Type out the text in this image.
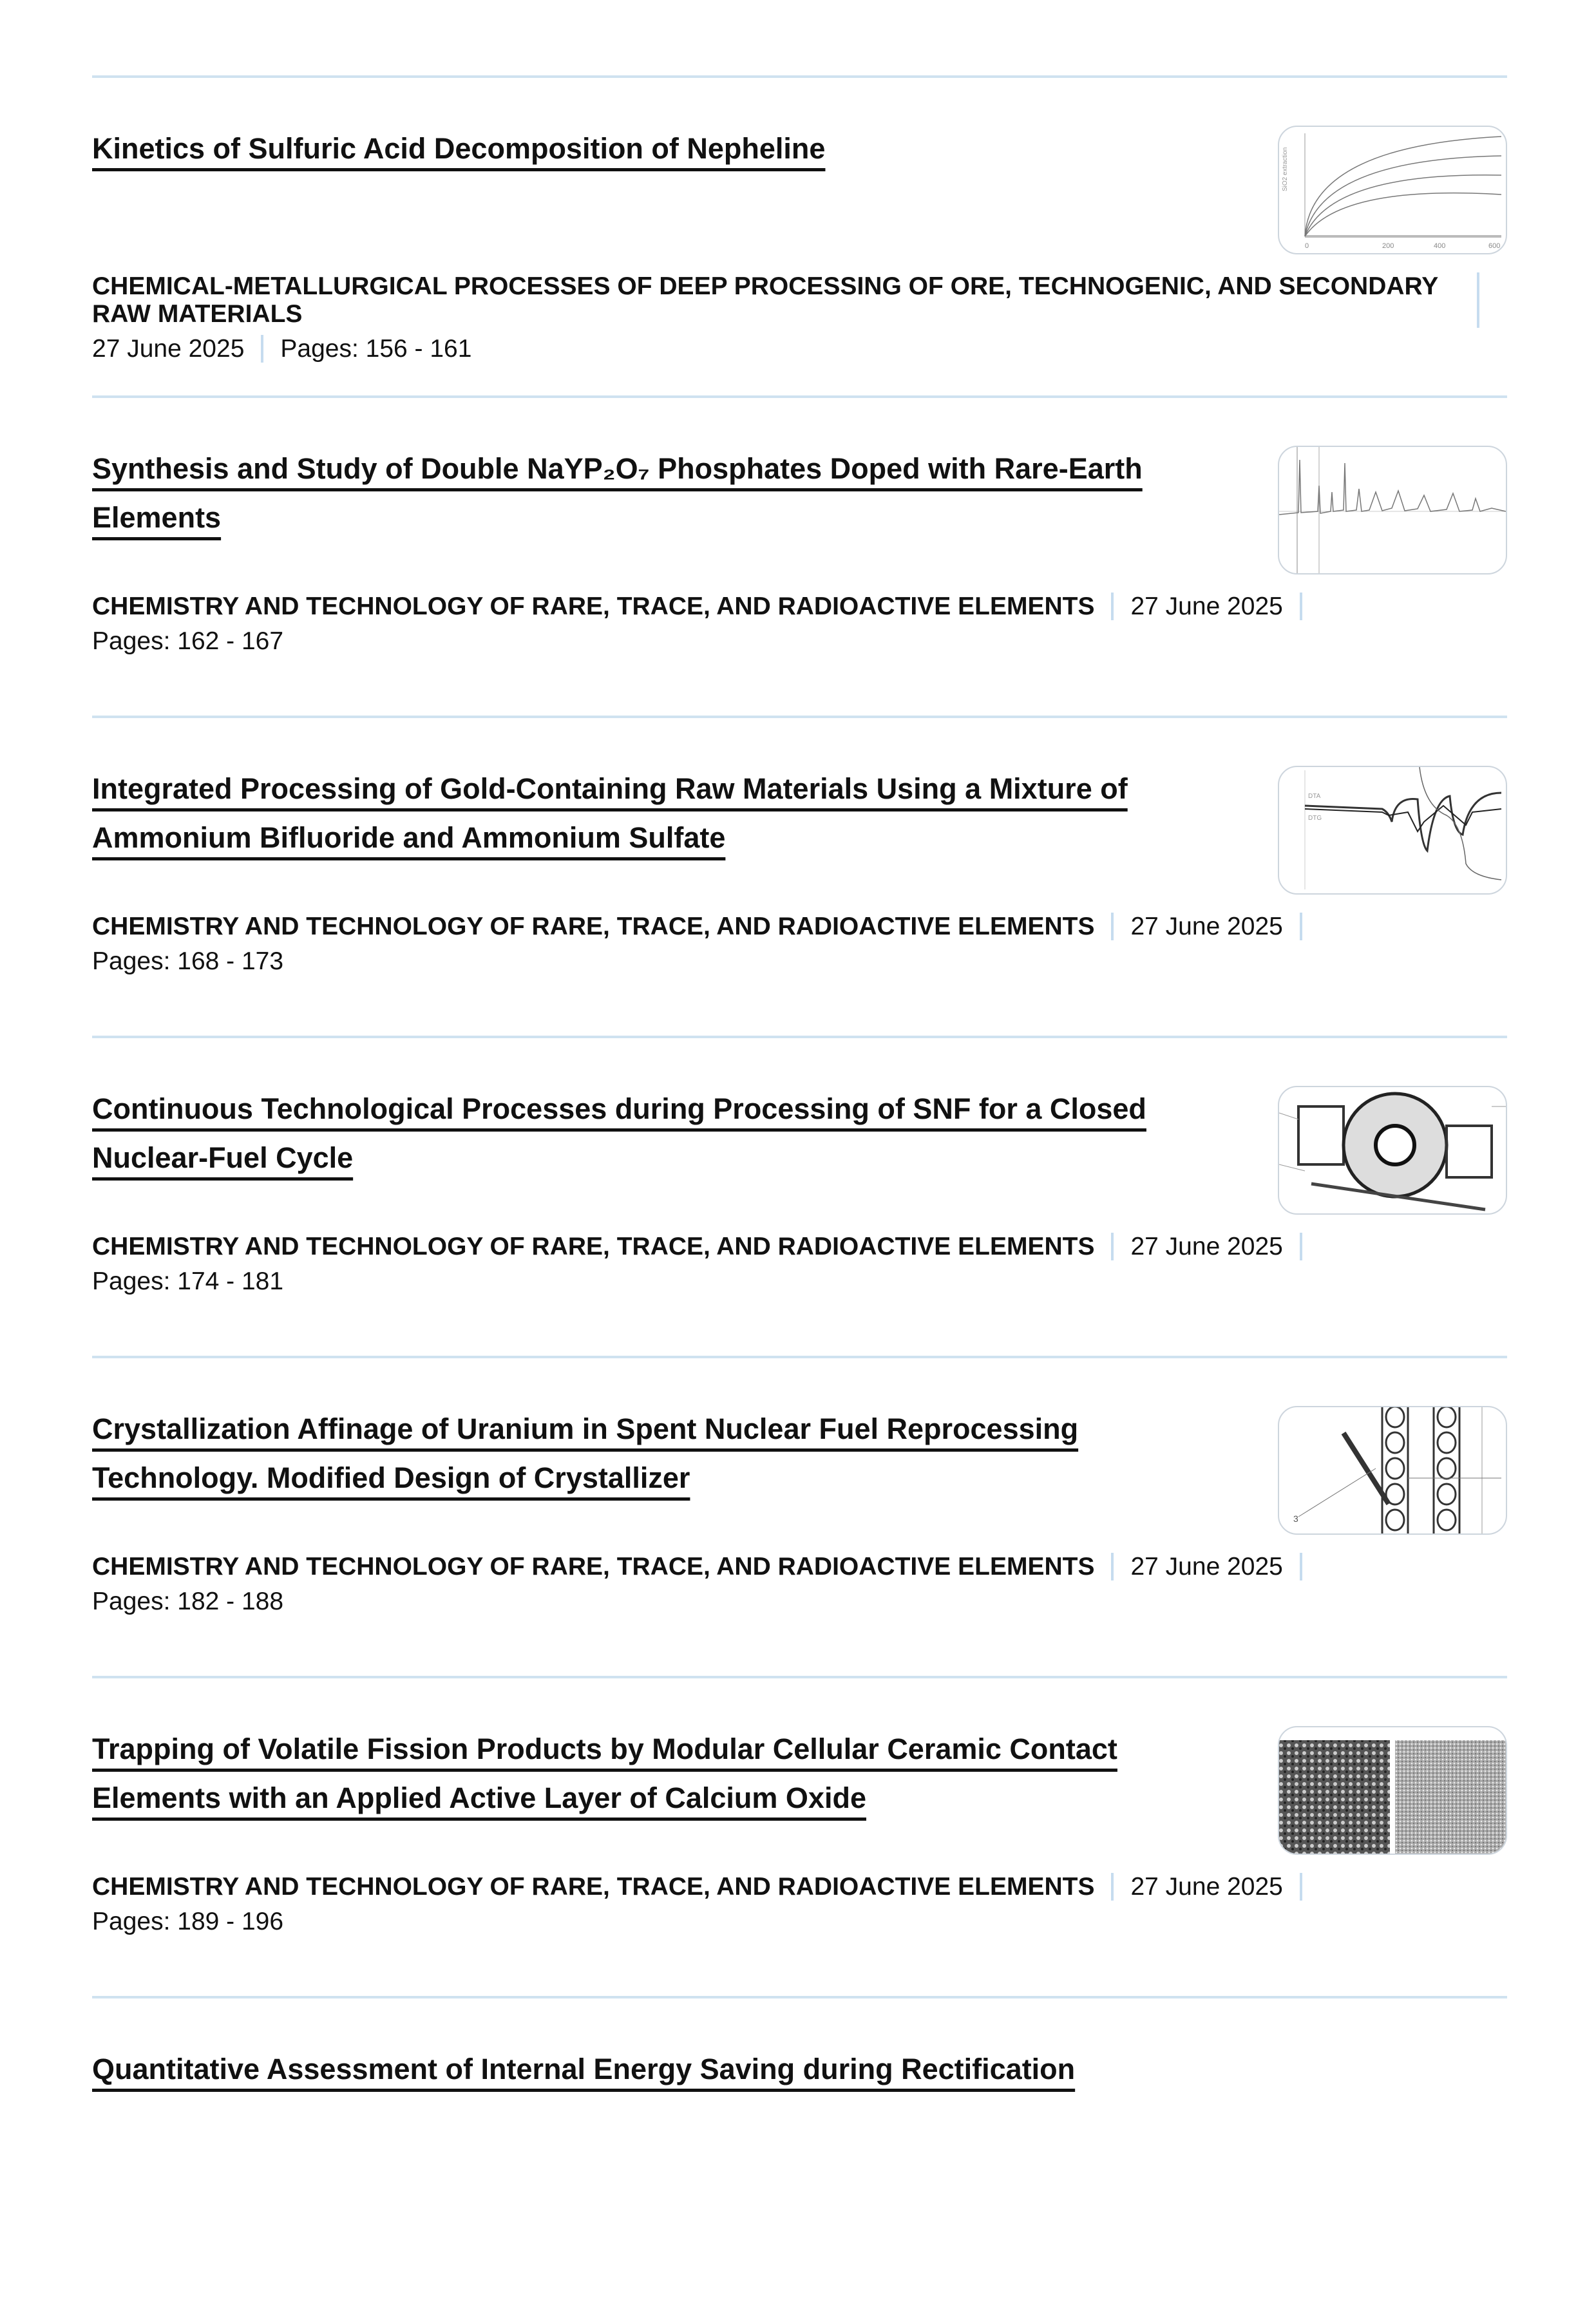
Kinetics of Sulfuric Acid Decomposition of Nepheline	SiO2 extraction
0	200	400	600
CHEMICAL-METALLURGICAL PROCESSES OF DEEP PROCESSING OF ORE, TECHNOGENIC, AND SECONDARY RAW MATERIALS
27 June 2025	Pages: 156 - 161
Synthesis and Study of Double NaYP₂O₇ Phosphates Doped with Rare-Earth Elements
CHEMISTRY AND TECHNOLOGY OF RARE, TRACE, AND RADIOACTIVE ELEMENTS	27 June 2025
Pages: 162 - 167
Integrated Processing of Gold-Containing Raw Materials Using a Mixture of Ammonium Bifluoride and Ammonium Sulfate
DTA
DTG
CHEMISTRY AND TECHNOLOGY OF RARE, TRACE, AND RADIOACTIVE ELEMENTS	27 June 2025
Pages: 168 - 173
Continuous Technological Processes during Processing of SNF for a Closed Nuclear-Fuel Cycle
CHEMISTRY AND TECHNOLOGY OF RARE, TRACE, AND RADIOACTIVE ELEMENTS	27 June 2025
Pages: 174 - 181
Crystallization Affinage of Uranium in Spent Nuclear Fuel Reprocessing Technology. Modified Design of Crystallizer
3
CHEMISTRY AND TECHNOLOGY OF RARE, TRACE, AND RADIOACTIVE ELEMENTS	27 June 2025
Pages: 182 - 188
Trapping of Volatile Fission Products by Modular Cellular Ceramic Contact Elements with an Applied Active Layer of Calcium Oxide
CHEMISTRY AND TECHNOLOGY OF RARE, TRACE, AND RADIOACTIVE ELEMENTS	27 June 2025
Pages: 189 - 196
Quantitative Assessment of Internal Energy Saving during Rectification
